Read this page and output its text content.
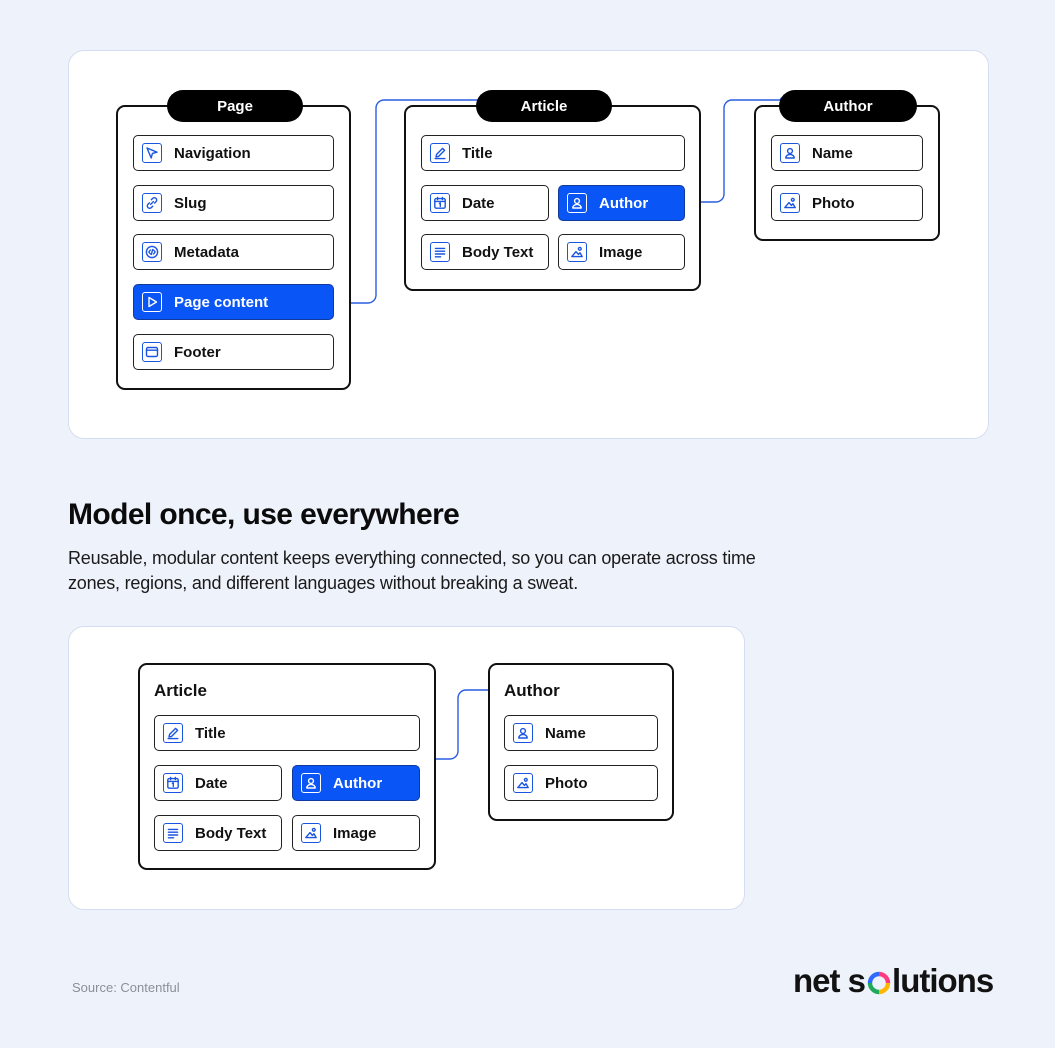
Page
Navigation
Slug
Metadata
Page content
Footer
Article
Title
Date	Author
Body Text	Image
Author
Name
Photo
Model once, use everywhere

Reusable, modular content keeps everything connected, so you can operate across time zones, regions, and different languages without breaking a sweat.

Article
Title
Date	Author
Body Text	Image
Author
Name
Photo
Source: Contentful	net s lutions
